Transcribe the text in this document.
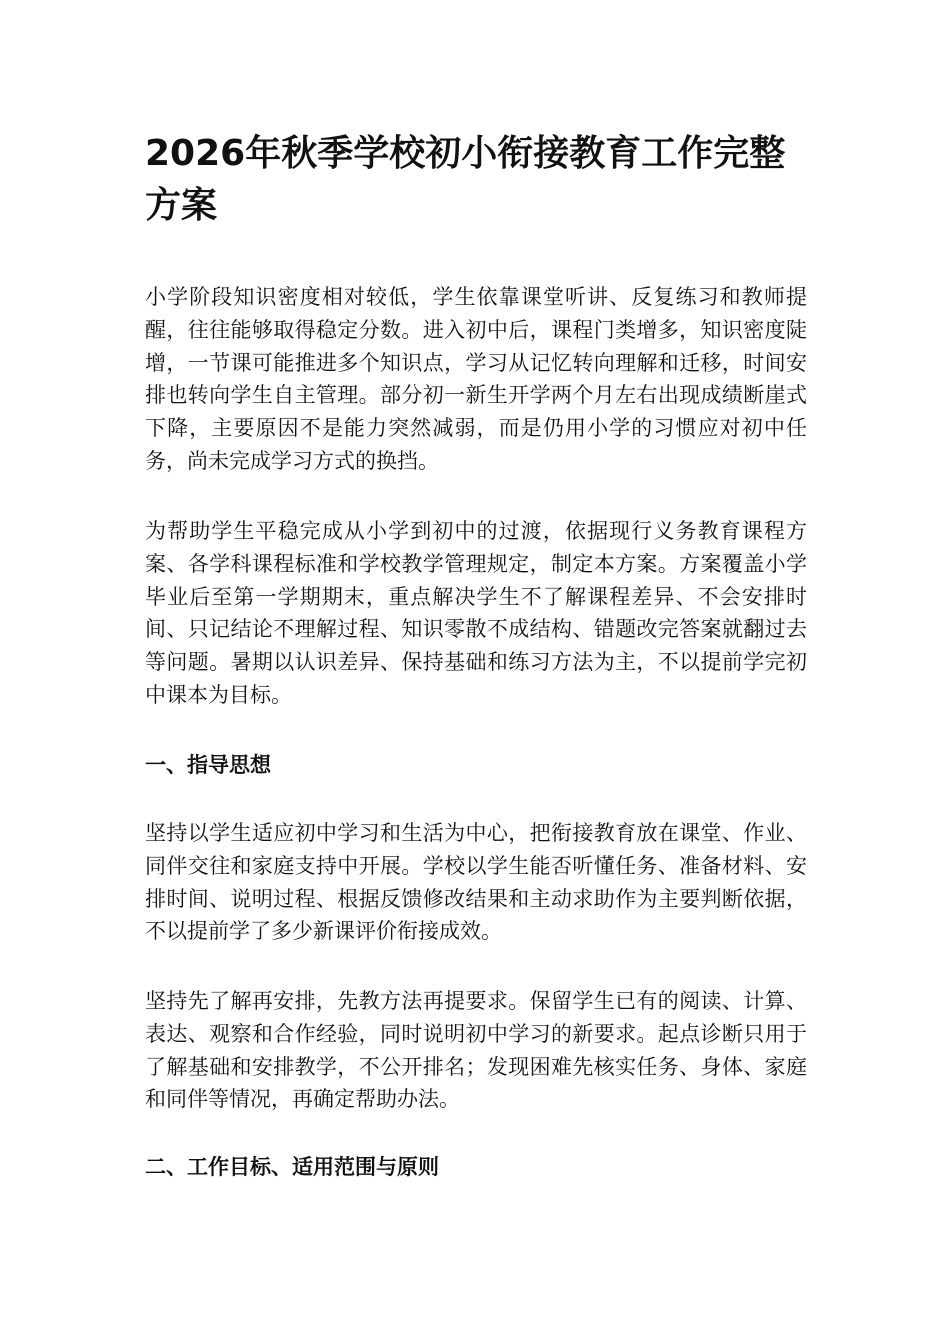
2026年秋季学校初小衔接教育工作完整方案

小学阶段知识密度相对较低，学生依靠课堂听讲、反复练习和教师提醒，往往能够取得稳定分数。进入初中后，课程门类增多，知识密度陡增，一节课可能推进多个知识点，学习从记忆转向理解和迁移，时间安排也转向学生自主管理。部分初一新生开学两个月左右出现成绩断崖式下降，主要原因不是能力突然减弱，而是仍用小学的习惯应对初中任务，尚未完成学习方式的换挡。

为帮助学生平稳完成从小学到初中的过渡，依据现行义务教育课程方案、各学科课程标准和学校教学管理规定，制定本方案。方案覆盖小学毕业后至第一学期期末，重点解决学生不了解课程差异、不会安排时间、只记结论不理解过程、知识零散不成结构、错题改完答案就翻过去等问题。暑期以认识差异、保持基础和练习方法为主，不以提前学完初中课本为目标。

一、指导思想

坚持以学生适应初中学习和生活为中心，把衔接教育放在课堂、作业、同伴交往和家庭支持中开展。学校以学生能否听懂任务、准备材料、安排时间、说明过程、根据反馈修改结果和主动求助作为主要判断依据，不以提前学了多少新课评价衔接成效。

坚持先了解再安排，先教方法再提要求。保留学生已有的阅读、计算、表达、观察和合作经验，同时说明初中学习的新要求。起点诊断只用于了解基础和安排教学，不公开排名；发现困难先核实任务、身体、家庭和同伴等情况，再确定帮助办法。

二、工作目标、适用范围与原则
